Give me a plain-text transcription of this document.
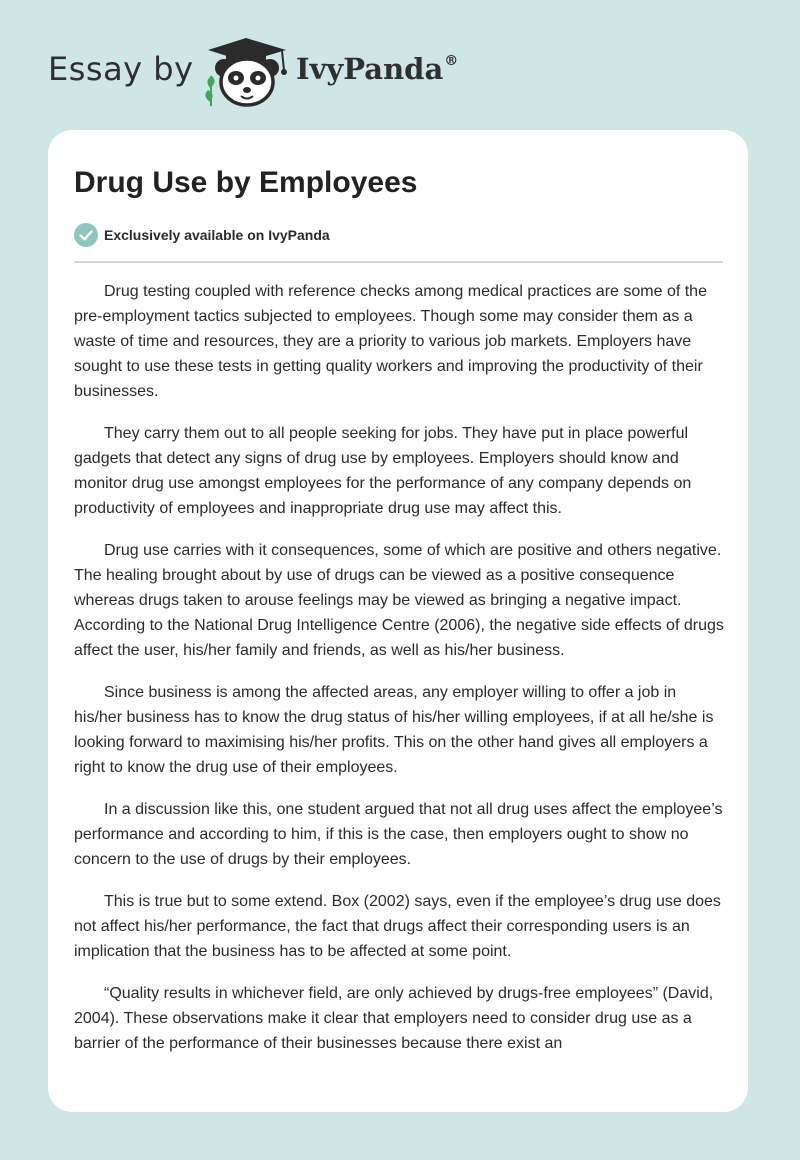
Essay by	IvyPanda®
Drug Use by Employees
Exclusively available on IvyPanda

Drug testing coupled with reference checks among medical practices are some of the pre-employment tactics subjected to employees. Though some may consider them as a waste of time and resources, they are a priority to various job markets. Employers have sought to use these tests in getting quality workers and improving the productivity of their businesses.

They carry them out to all people seeking for jobs. They have put in place powerful gadgets that detect any signs of drug use by employees. Employers should know and monitor drug use amongst employees for the performance of any company depends on productivity of employees and inappropriate drug use may affect this.

Drug use carries with it consequences, some of which are positive and others negative. The healing brought about by use of drugs can be viewed as a positive consequence whereas drugs taken to arouse feelings may be viewed as bringing a negative impact. According to the National Drug Intelligence Centre (2006), the negative side effects of drugs affect the user, his/her family and friends, as well as his/her business.

Since business is among the affected areas, any employer willing to offer a job in his/her business has to know the drug status of his/her willing employees, if at all he/she is looking forward to maximising his/her profits. This on the other hand gives all employers a right to know the drug use of their employees.

In a discussion like this, one student argued that not all drug uses affect the employee’s performance and according to him, if this is the case, then employers ought to show no concern to the use of drugs by their employees.

This is true but to some extend. Box (2002) says, even if the employee’s drug use does not affect his/her performance, the fact that drugs affect their corresponding users is an implication that the business has to be affected at some point.

“Quality results in whichever field, are only achieved by drugs-free employees” (David, 2004). These observations make it clear that employers need to consider drug use as a barrier of the performance of their businesses because there exist an
